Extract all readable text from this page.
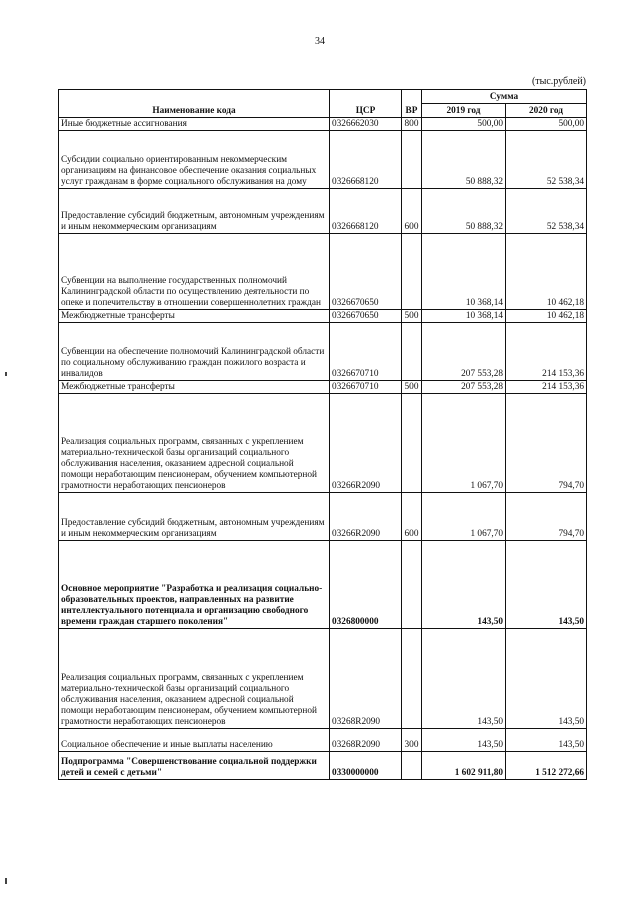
34
(тыс.рублей)
Наименование кода	ЦСР	ВР	Сумма	
			2019 год	2020 год
Иные бюджетные ассигнования	0326662030	800	500,00	500,00
Субсидии социально ориентированным некоммерческим организациям на финансовое обеспечение оказания социальных услуг гражданам в форме социального обслуживания на дому	0326668120		50 888,32	52 538,34
Предоставление субсидий бюджетным, автономным учреждениям и иным некоммерческим организациям	0326668120	600	50 888,32	52 538,34
Субвенции на выполнение государственных полномочий Калининградской области по осуществлению деятельности по опеке и попечительству в отношении совершеннолетних граждан	0326670650		10 368,14	10 462,18
Межбюджетные трансферты	0326670650	500	10 368,14	10 462,18
Субвенции на обеспечение полномочий Калининградской области по социальному обслуживанию граждан пожилого возраста и инвалидов	0326670710		207 553,28	214 153,36
Межбюджетные трансферты	0326670710	500	207 553,28	214 153,36
Реализация социальных программ, связанных с укреплением материально-технической базы организаций социального обслуживания населения, оказанием адресной социальной помощи неработающим пенсионерам, обучением компьютерной грамотности неработающих пенсионеров	03266R2090		1 067,70	794,70
Предоставление субсидий бюджетным, автономным учреждениям и иным некоммерческим организациям	03266R2090	600	1 067,70	794,70
Основное мероприятие "Разработка и реализация социально-образовательных проектов, направленных на развитие интеллектуального потенциала и организацию свободного времени граждан старшего поколения"	0326800000		143,50	143,50
Реализация социальных программ, связанных с укреплением материально-технической базы организаций социального обслуживания населения, оказанием адресной социальной помощи неработающим пенсионерам, обучением компьютерной грамотности неработающих пенсионеров	03268R2090		143,50	143,50
Социальное обеспечение и иные выплаты населению	03268R2090	300	143,50	143,50
Подпрограмма "Совершенствование социальной поддержки детей и семей с детьми"	0330000000		1 602 911,80	1 512 272,66
